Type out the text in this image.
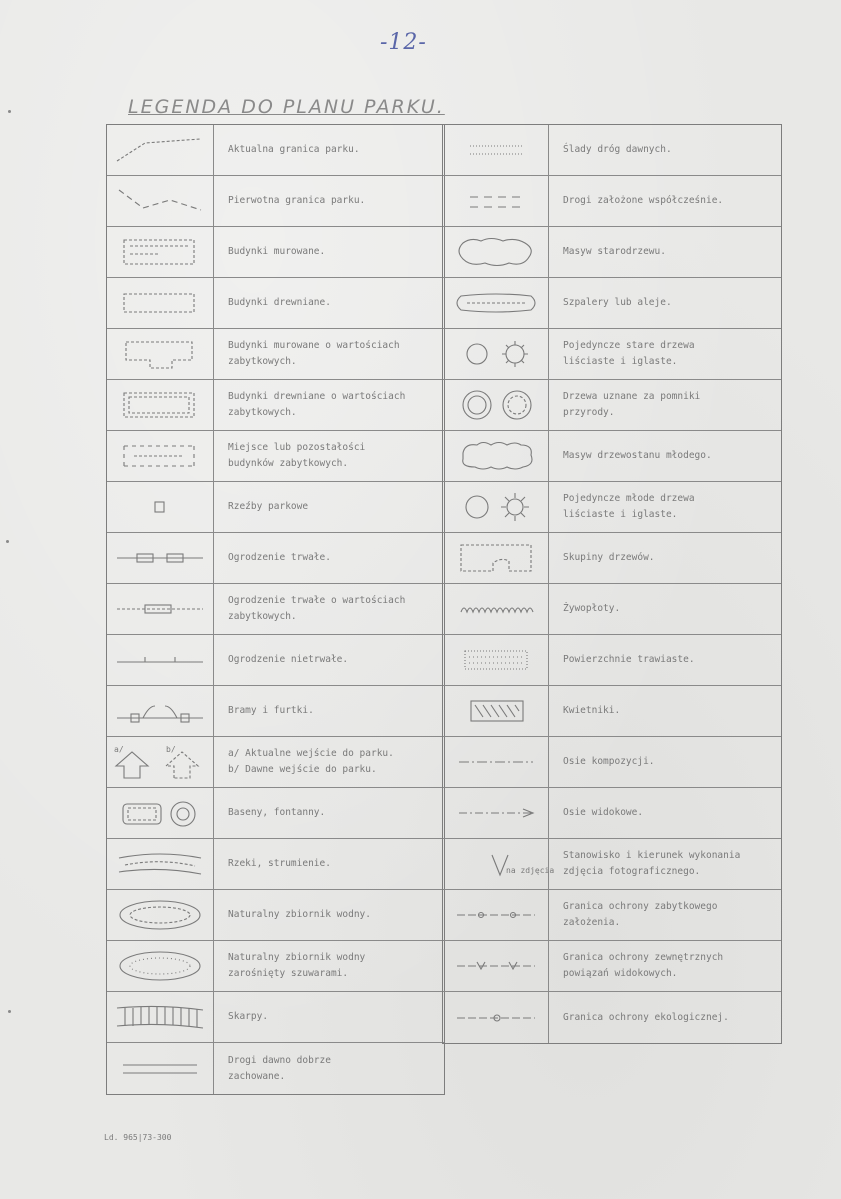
-12-
LEGENDA DO PLANU PARKU.
Aktualna granica parku.
Pierwotna granica parku.
Budynki murowane.
Budynki drewniane.
Budynki murowane o wartościach
zabytkowych.
Budynki drewniane o wartościach
zabytkowych.
Miejsce lub pozostałości
budynków zabytkowych.
Rzeźby parkowe
Ogrodzenie trwałe.
Ogrodzenie trwałe o wartościach
zabytkowych.
Ogrodzenie nietrwałe.
Bramy i furtki.
a/	b/	a/ Aktualne wejście do parku.
b/ Dawne wejście do parku.
Baseny, fontanny.
Rzeki, strumienie.
Naturalny zbiornik wodny.
Naturalny zbiornik wodny
zarośnięty szuwarami.
Skarpy.
Drogi dawno dobrze
zachowane.
Ślady dróg dawnych.
Drogi założone współcześnie.
Masyw starodrzewu.
Szpalery lub aleje.
Pojedyncze stare drzewa
liściaste i iglaste.
Drzewa uznane za pomniki
przyrody.
Masyw drzewostanu młodego.
Pojedyncze młode drzewa
liściaste i iglaste.
Skupiny drzewów.
Żywopłoty.
Powierzchnie trawiaste.
Kwietniki.
Osie kompozycji.
Osie widokowe.
na zdjęcia
Stanowisko i kierunek wykonania
zdjęcia fotograficznego.
Granica ochrony zabytkowego
założenia.
Granica ochrony zewnętrznych
powiązań widokowych.
Granica ochrony ekologicznej.
Ld. 965|73-300
